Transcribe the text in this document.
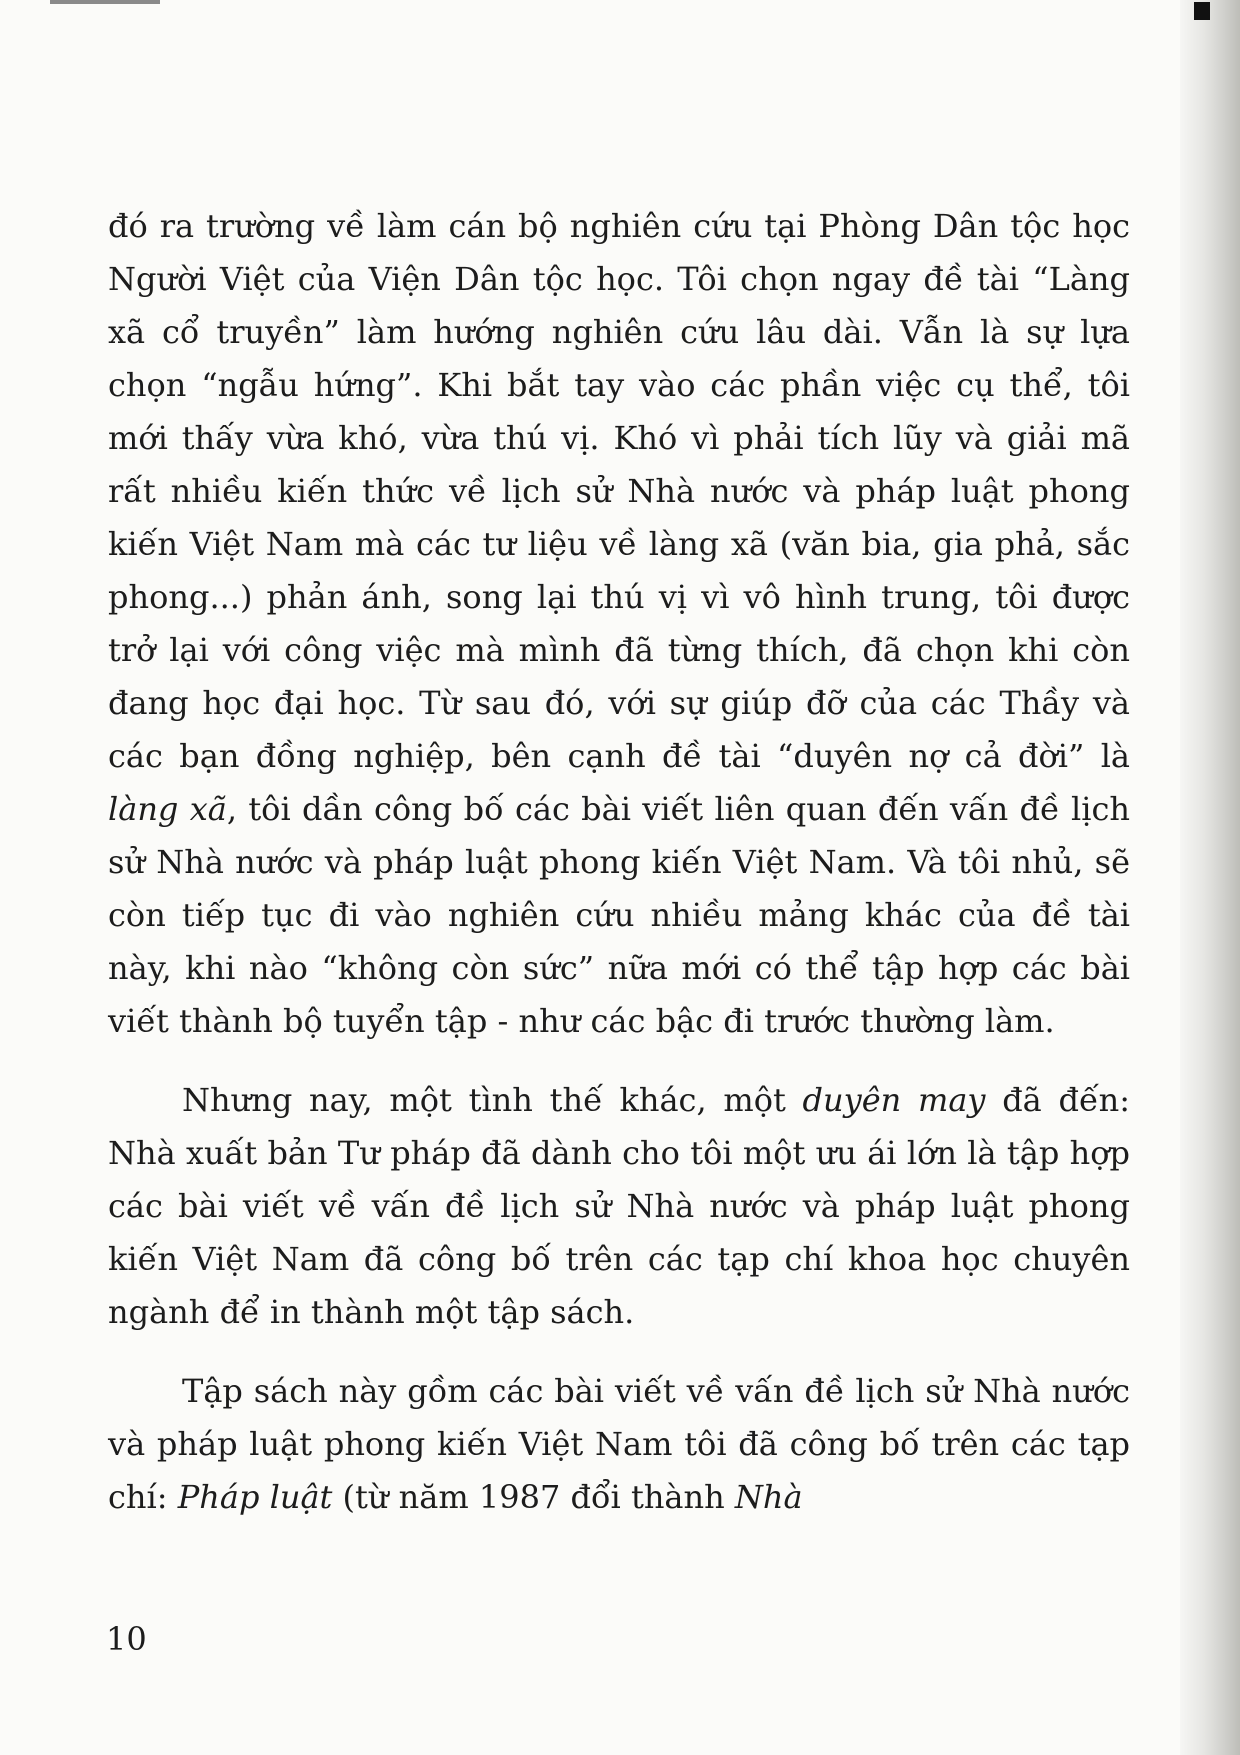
đó ra trường về làm cán bộ nghiên cứu tại Phòng Dân tộc học Người Việt của Viện Dân tộc học. Tôi chọn ngay đề tài “Làng xã cổ truyền” làm hướng nghiên cứu lâu dài. Vẫn là sự lựa chọn “ngẫu hứng”. Khi bắt tay vào các phần việc cụ thể, tôi mới thấy vừa khó, vừa thú vị. Khó vì phải tích lũy và giải mã rất nhiều kiến thức về lịch sử Nhà nước và pháp luật phong kiến Việt Nam mà các tư liệu về làng xã (văn bia, gia phả, sắc phong...) phản ánh, song lại thú vị vì vô hình trung, tôi được trở lại với công việc mà mình đã từng thích, đã chọn khi còn đang học đại học. Từ sau đó, với sự giúp đỡ của các Thầy và các bạn đồng nghiệp, bên cạnh đề tài “duyên nợ cả đời” là làng xã, tôi dần công bố các bài viết liên quan đến vấn đề lịch sử Nhà nước và pháp luật phong kiến Việt Nam. Và tôi nhủ, sẽ còn tiếp tục đi vào nghiên cứu nhiều mảng khác của đề tài này, khi nào “không còn sức” nữa mới có thể tập hợp các bài viết thành bộ tuyển tập - như các bậc đi trước thường làm.

Nhưng nay, một tình thế khác, một duyên may đã đến: Nhà xuất bản Tư pháp đã dành cho tôi một ưu ái lớn là tập hợp các bài viết về vấn đề lịch sử Nhà nước và pháp luật phong kiến Việt Nam đã công bố trên các tạp chí khoa học chuyên ngành để in thành một tập sách.

Tập sách này gồm các bài viết về vấn đề lịch sử Nhà nước và pháp luật phong kiến Việt Nam tôi đã công bố trên các tạp chí: Pháp luật (từ năm 1987 đổi thành Nhà

10
